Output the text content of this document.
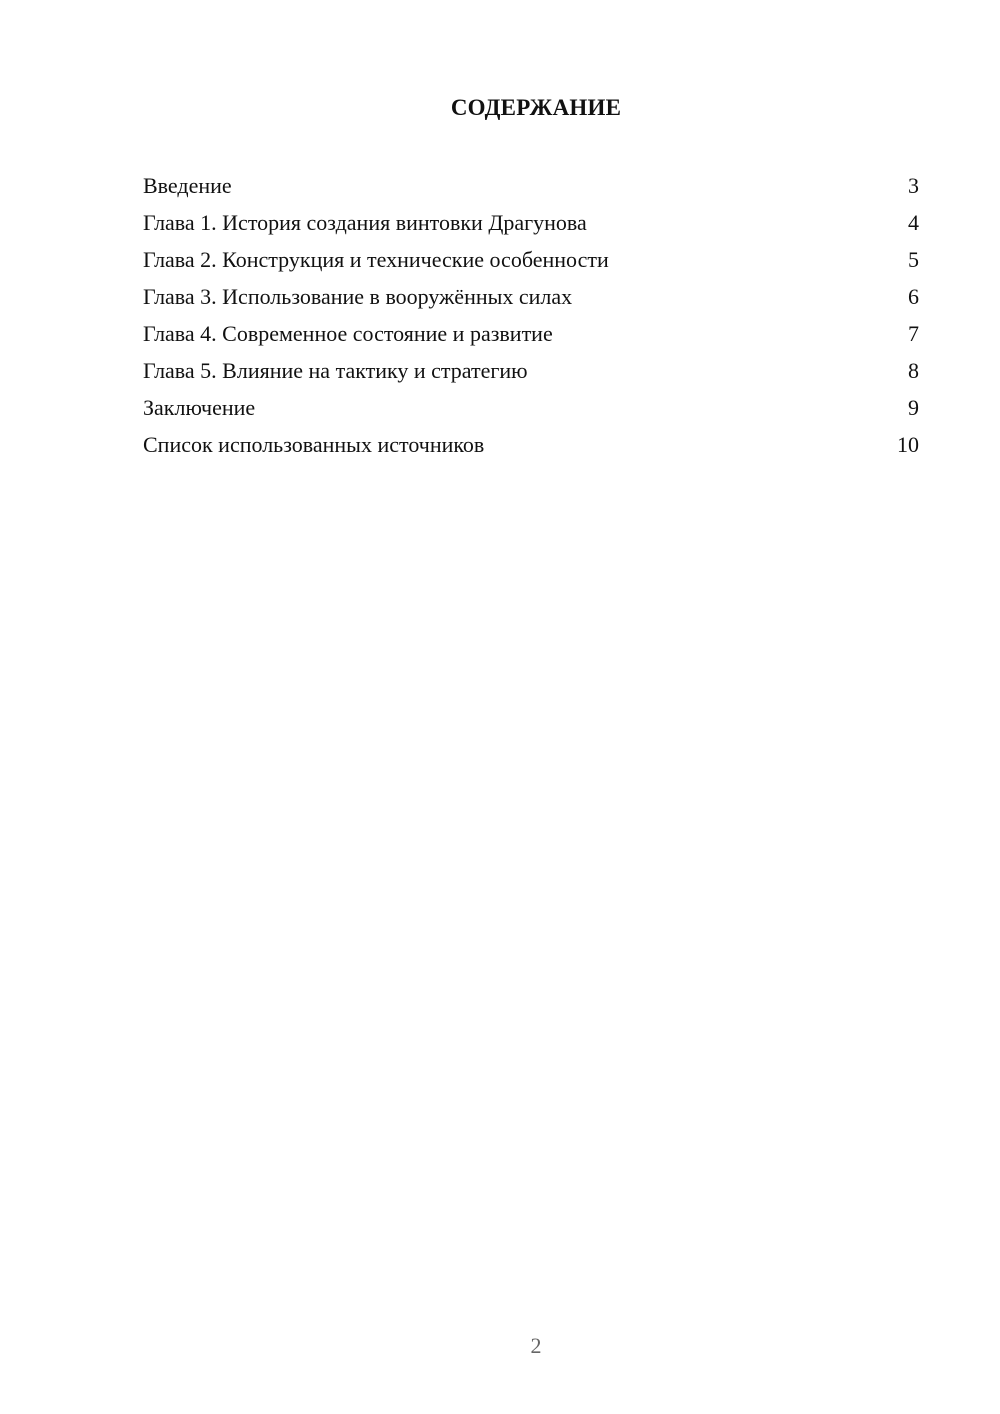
СОДЕРЖАНИЕ
Введение	3
Глава 1. История создания винтовки Драгунова	4
Глава 2. Конструкция и технические особенности	5
Глава 3. Использование в вооружённых силах	6
Глава 4. Современное состояние и развитие	7
Глава 5. Влияние на тактику и стратегию	8
Заключение	9
Список использованных источников	10
2
